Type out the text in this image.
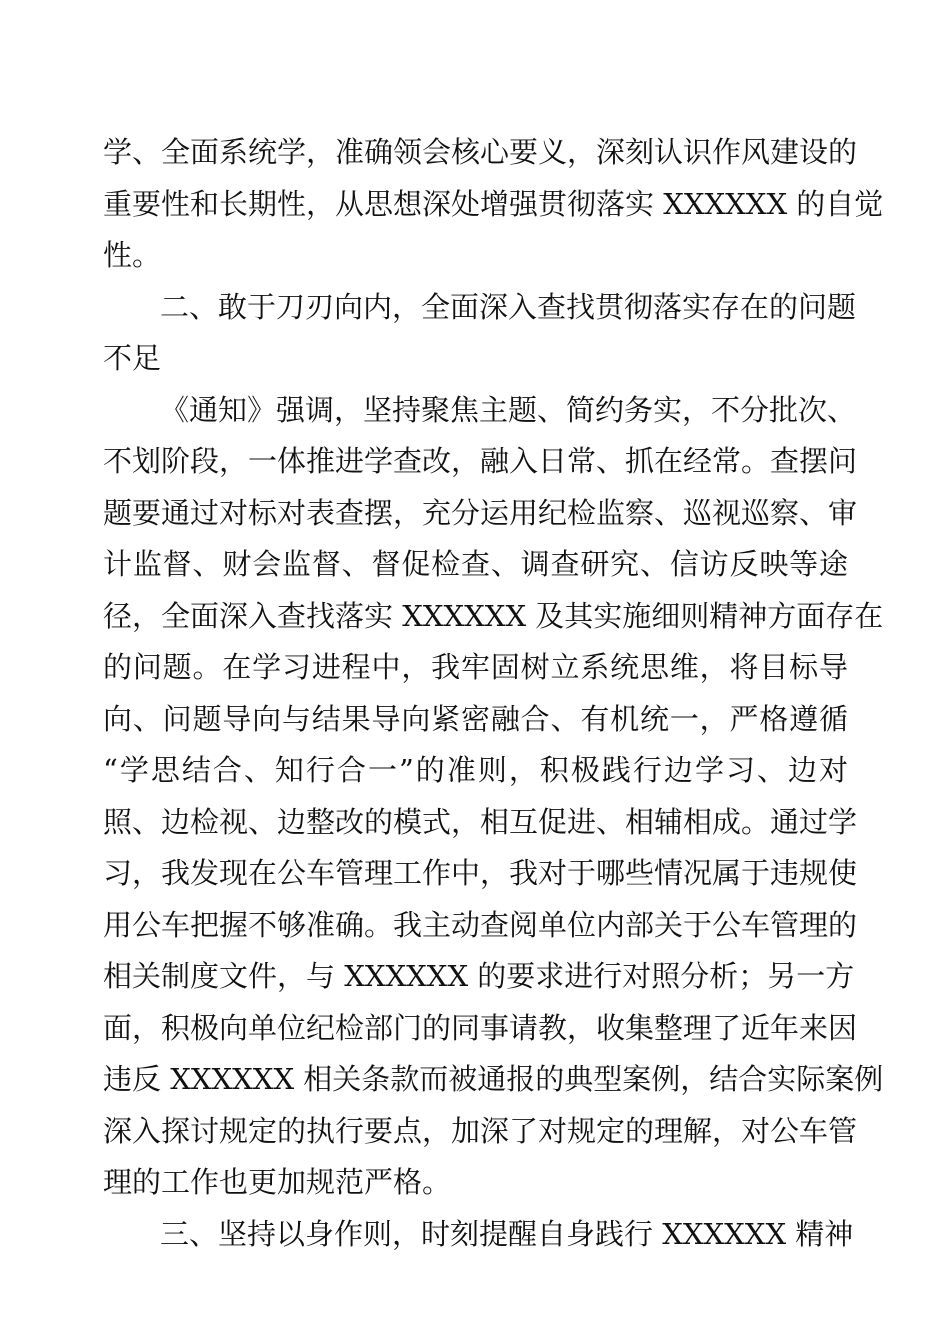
学、全面系统学，准确领会核心要义，深刻认识作风建设的
重要性和长期性，从思想深处增强贯彻落实 XXXXXX 的自觉
性。
二、敢于刀刃向内，全面深入查找贯彻落实存在的问题
不足
《通知》强调，坚持聚焦主题、简约务实，不分批次、
不划阶段，一体推进学查改，融入日常、抓在经常。查摆问
题要通过对标对表查摆，充分运用纪检监察、巡视巡察、审
计监督、财会监督、督促检查、调查研究、信访反映等途
径，全面深入查找落实 XXXXXX 及其实施细则精神方面存在
的问题。在学习进程中，我牢固树立系统思维，将目标导
向、问题导向与结果导向紧密融合、有机统一，严格遵循
“学思结合、知行合一”的准则，积极践行边学习、边对
照、边检视、边整改的模式，相互促进、相辅相成。通过学
习，我发现在公车管理工作中，我对于哪些情况属于违规使
用公车把握不够准确。我主动查阅单位内部关于公车管理的
相关制度文件，与 XXXXXX 的要求进行对照分析；另一方
面，积极向单位纪检部门的同事请教，收集整理了近年来因
违反 XXXXXX 相关条款而被通报的典型案例，结合实际案例
深入探讨规定的执行要点，加深了对规定的理解，对公车管
理的工作也更加规范严格。
三、坚持以身作则，时刻提醒自身践行 XXXXXX 精神
